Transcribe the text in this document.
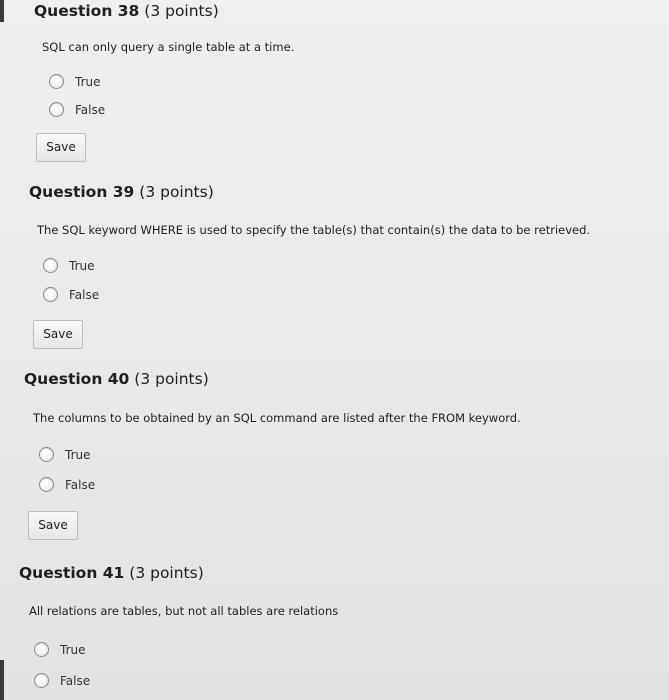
Question 38 (3 points)
SQL can only query a single table at a time.
True
False
Save
Question 39 (3 points)
The SQL keyword WHERE is used to specify the table(s) that contain(s) the data to be retrieved.
True
False
Save
Question 40 (3 points)
The columns to be obtained by an SQL command are listed after the FROM keyword.
True
False
Save
Question 41 (3 points)
All relations are tables, but not all tables are relations
True
False
